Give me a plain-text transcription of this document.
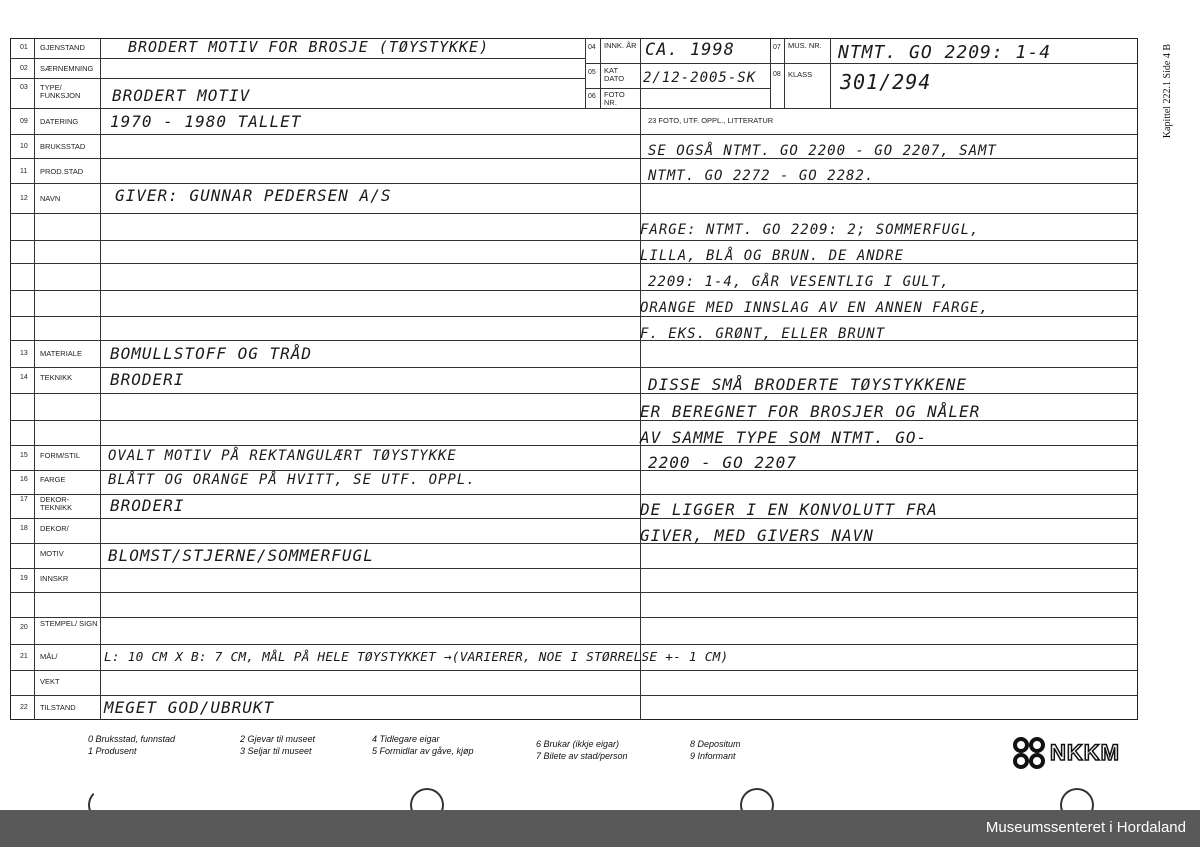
01 GJENSTAND
02 SÆRNEMNING
03 TYPE/ FUNKSJON
09 DATERING
10 BRUKSSTAD
11 PROD.STAD
12 NAVN
13 MATERIALE
14 TEKNIKK
15 FORM/STIL
16 FARGE
17 DEKOR-TEKNIKK
18 DEKOR/
MOTIV
19 INNSKR
20 STEMPEL/ SIGN
21 MÅL/
VEKT
22 TILSTAND
04 INNK. ÅR
05 KAT DATO
06 FOTO NR.
07 MUS. NR.
08 KLASS
23 FOTO, UTF. OPPL., LITTERATUR
BRODERT MOTIV FOR BROSJE (TØYSTYKKE)
BRODERT MOTIV
CA. 1998
2/12-2005-SK
NTMT. GO 2209: 1-4
301/294
1970 - 1980 TALLET
GIVER: GUNNAR PEDERSEN A/S
BOMULLSTOFF OG TRÅD
BRODERI
OVALT MOTIV PÅ REKTANGULÆRT TØYSTYKKE
BLÅTT OG ORANGE PÅ HVITT, SE UTF. OPPL.
BRODERI
BLOMST/STJERNE/SOMMERFUGL
L: 10 CM X B: 7 CM, MÅL PÅ HELE TØYSTYKKET →(VARIERER, NOE I STØRRELSE +- 1 CM)
MEGET GOD/UBRUKT
SE OGSÅ NTMT. GO 2200 - GO 2207, SAMT
NTMT. GO 2272 - GO 2282.
FARGE: NTMT. GO 2209: 2; SOMMERFUGL,
LILLA, BLÅ OG BRUN. DE ANDRE
2209: 1-4, GÅR VESENTLIG I GULT,
ORANGE MED INNSLAG AV EN ANNEN FARGE,
F. EKS. GRØNT, ELLER BRUNT
DISSE SMÅ BRODERTE TØYSTYKKENE
ER BEREGNET FOR BROSJER OG NÅLER
AV SAMME TYPE SOM NTMT. GO-
2200 - GO 2207
DE LIGGER I EN KONVOLUTT FRA
GIVER, MED GIVERS NAVN
Kapittel 222.1 Side 4 B
0 Bruksstad, funnstad
1 Produsent
2 Gjevar til museet
3 Seljar til museet
4 Tidlegare eigar
5 Formidlar av gåve, kjøp
6 Brukar (ikkje eigar)
7 Bilete av stad/person
8 Depositum
9 Informant	NKKM
Museumssenteret i Hordaland
